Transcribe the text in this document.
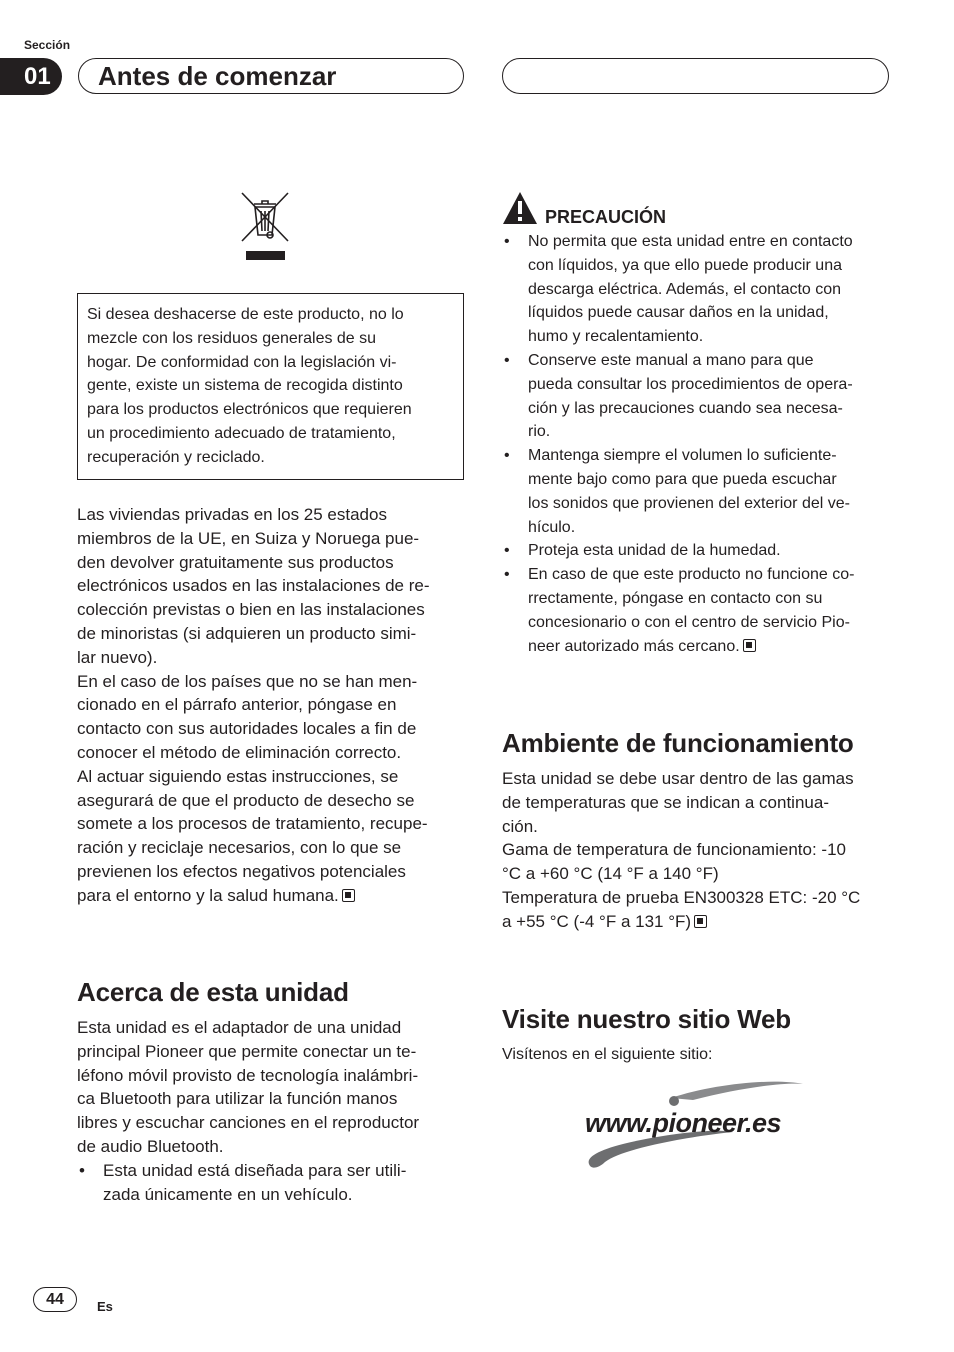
Sección
01	Antes de comenzar
Si desea deshacerse de este producto, no lo
mezcle con los residuos generales de su
hogar. De conformidad con la legislación vi-
gente, existe un sistema de recogida distinto
para los productos electrónicos que requieren
un procedimiento adecuado de tratamiento,
recuperación y reciclado.
Las viviendas privadas en los 25 estados
miembros de la UE, en Suiza y Noruega pue-
den devolver gratuitamente sus productos
electrónicos usados en las instalaciones de re-
colección previstas o bien en las instalaciones
de minoristas (si adquieren un producto simi-
lar nuevo).
En el caso de los países que no se han men-
cionado en el párrafo anterior, póngase en
contacto con sus autoridades locales a fin de
conocer el método de eliminación correcto.
Al actuar siguiendo estas instrucciones, se
asegurará de que el producto de desecho se
somete a los procesos de tratamiento, recupe-
ración y reciclaje necesarios, con lo que se
previenen los efectos negativos potenciales
para el entorno y la salud humana.
Acerca de esta unidad
Esta unidad es el adaptador de una unidad
principal Pioneer que permite conectar un te-
léfono móvil provisto de tecnología inalámbri-
ca Bluetooth para utilizar la función manos
libres y escuchar canciones en el reproductor
de audio Bluetooth.
• Esta unidad está diseñada para ser utili-
zada únicamente en un vehículo.
PRECAUCIÓN
• No permita que esta unidad entre en contacto
con líquidos, ya que ello puede producir una
descarga eléctrica. Además, el contacto con
líquidos puede causar daños en la unidad,
humo y recalentamiento.
• Conserve este manual a mano para que
pueda consultar los procedimientos de opera-
ción y las precauciones cuando sea necesa-
rio.
• Mantenga siempre el volumen lo suficiente-
mente bajo como para que pueda escuchar
los sonidos que provienen del exterior del ve-
hículo.
• Proteja esta unidad de la humedad.
• En caso de que este producto no funcione co-
rrectamente, póngase en contacto con su
concesionario o con el centro de servicio Pio-
neer autorizado más cercano.
Ambiente de funcionamiento
Esta unidad se debe usar dentro de las gamas
de temperaturas que se indican a continua-
ción.
Gama de temperatura de funcionamiento: -10
°C a +60 °C (14 °F a 140 °F)
Temperatura de prueba EN300328 ETC: -20 °C
a +55 °C (-4 °F a 131 °F)
Visite nuestro sitio Web
Visítenos en el siguiente sitio:
www.pioneer.es
44	Es
